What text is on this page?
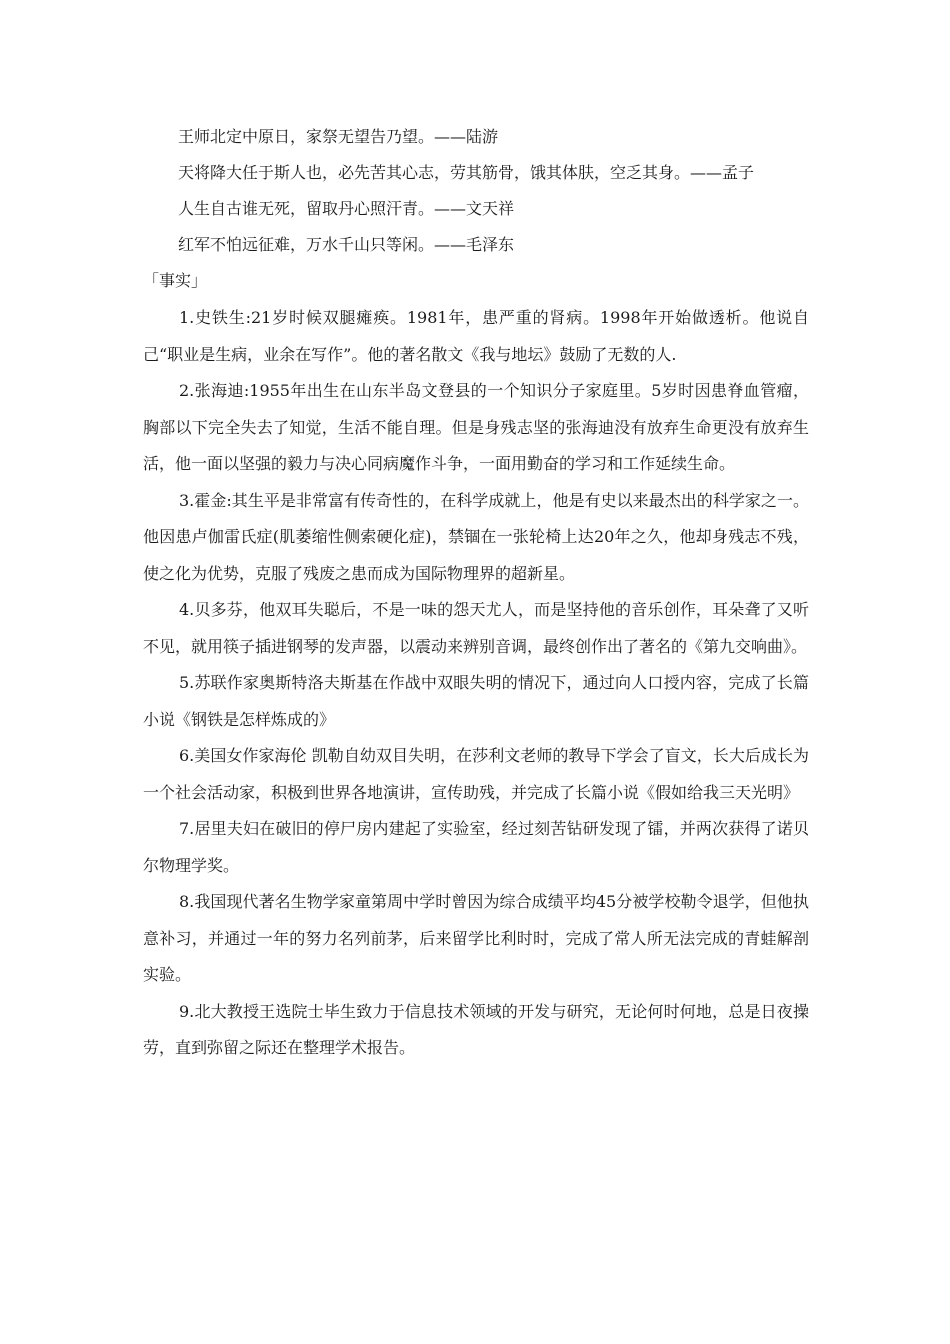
王师北定中原日，家祭无望告乃望。——陆游
天将降大任于斯人也，必先苦其心志，劳其筋骨，饿其体肤，空乏其身。——孟子
人生自古谁无死，留取丹心照汗青。——文天祥
红军不怕远征难，万水千山只等闲。——毛泽东
「事实」

1.史铁生:21岁时候双腿瘫痪。1981年，患严重的肾病。1998年开始做透析。他说自己“职业是生病，业余在写作”。他的著名散文《我与地坛》鼓励了无数的人.

2.张海迪:1955年出生在山东半岛文登县的一个知识分子家庭里。5岁时因患脊血管瘤，胸部以下完全失去了知觉，生活不能自理。但是身残志坚的张海迪没有放弃生命更没有放弃生活，他一面以坚强的毅力与决心同病魔作斗争，一面用勤奋的学习和工作延续生命。

3.霍金:其生平是非常富有传奇性的，在科学成就上，他是有史以来最杰出的科学家之一。他因患卢伽雷氏症(肌萎缩性侧索硬化症)，禁锢在一张轮椅上达20年之久，他却身残志不残，使之化为优势，克服了残废之患而成为国际物理界的超新星。

4.贝多芬，他双耳失聪后，不是一味的怨天尤人，而是坚持他的音乐创作，耳朵聋了又听不见，就用筷子插进钢琴的发声器，以震动来辨别音调，最终创作出了著名的《第九交响曲》。

5.苏联作家奥斯特洛夫斯基在作战中双眼失明的情况下，通过向人口授内容，完成了长篇小说《钢铁是怎样炼成的》

6.美国女作家海伦 凯勒自幼双目失明，在莎利文老师的教导下学会了盲文，长大后成长为一个社会活动家，积极到世界各地演讲，宣传助残，并完成了长篇小说《假如给我三天光明》

7.居里夫妇在破旧的停尸房内建起了实验室，经过刻苦钻研发现了镭，并两次获得了诺贝尔物理学奖。

8.我国现代著名生物学家童第周中学时曾因为综合成绩平均45分被学校勒令退学，但他执意补习，并通过一年的努力名列前茅，后来留学比利时时，完成了常人所无法完成的青蛙解剖实验。

9.北大教授王选院士毕生致力于信息技术领域的开发与研究，无论何时何地，总是日夜操劳，直到弥留之际还在整理学术报告。
